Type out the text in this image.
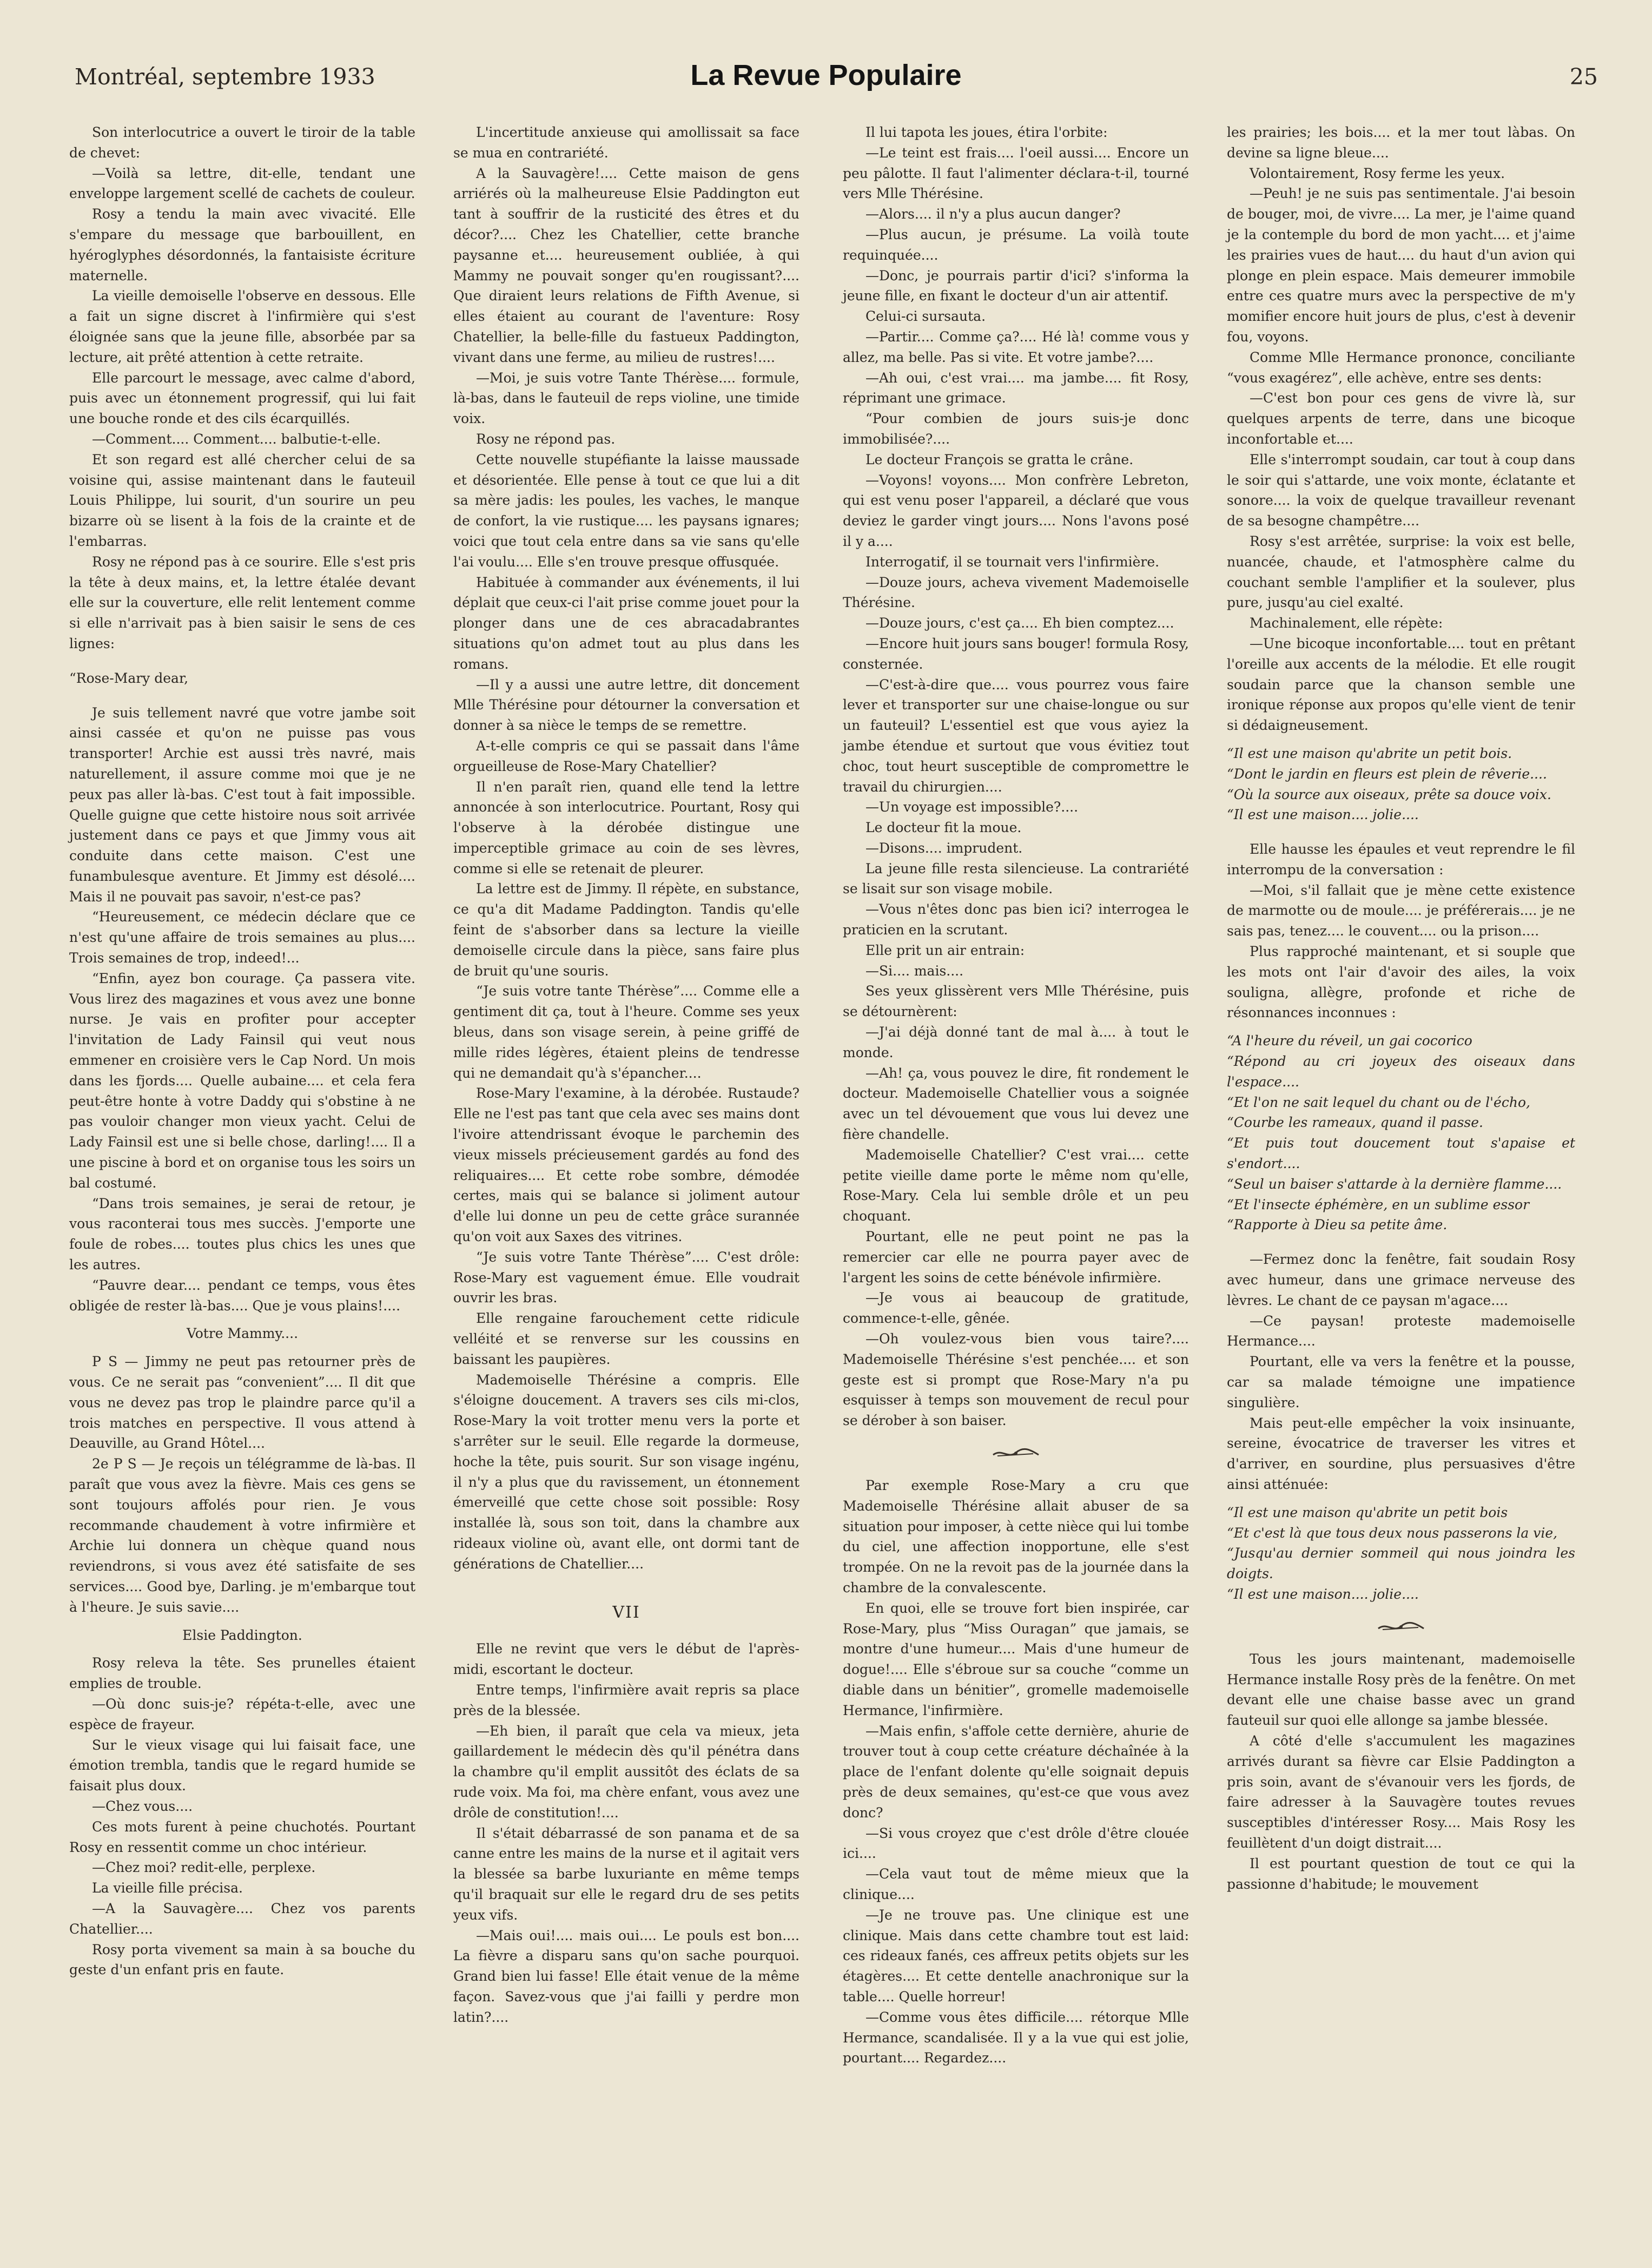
Montréal, septembre 1933	La Revue Populaire	25

Son interlocutrice a ouvert le tiroir de la table de chevet:

—Voilà sa lettre, dit-elle, tendant une enveloppe largement scellé de cachets de couleur.

Rosy a tendu la main avec vivacité. Elle s'empare du message que barbouillent, en hyéroglyphes désordonnés, la fantaisiste écriture maternelle.

La vieille demoiselle l'observe en dessous. Elle a fait un signe discret à l'infirmière qui s'est éloignée sans que la jeune fille, absorbée par sa lecture, ait prêté attention à cette retraite.

Elle parcourt le message, avec calme d'abord, puis avec un étonnement progressif, qui lui fait une bouche ronde et des cils écarquillés.

—Comment.... Comment.... balbutie-t-elle.

Et son regard est allé chercher celui de sa voisine qui, assise maintenant dans le fauteuil Louis Philippe, lui sourit, d'un sourire un peu bizarre où se lisent à la fois de la crainte et de l'embarras.

Rosy ne répond pas à ce sourire. Elle s'est pris la tête à deux mains, et, la lettre étalée devant elle sur la couverture, elle relit lentement comme si elle n'arrivait pas à bien saisir le sens de ces lignes:

“Rose-Mary dear,

Je suis tellement navré que votre jambe soit ainsi cassée et qu'on ne puisse pas vous transporter! Archie est aussi très navré, mais naturellement, il assure comme moi que je ne peux pas aller là-bas. C'est tout à fait impossible. Quelle guigne que cette histoire nous soit arrivée justement dans ce pays et que Jimmy vous ait conduite dans cette maison. C'est une funambulesque aventure. Et Jimmy est désolé.... Mais il ne pouvait pas savoir, n'est-ce pas?

“Heureusement, ce médecin déclare que ce n'est qu'une affaire de trois semaines au plus.... Trois semaines de trop, indeed!...

“Enfin, ayez bon courage. Ça passera vite. Vous lirez des magazines et vous avez une bonne nurse. Je vais en profiter pour accepter l'invitation de Lady Fainsil qui veut nous emmener en croisière vers le Cap Nord. Un mois dans les fjords.... Quelle aubaine.... et cela fera peut-être honte à votre Daddy qui s'obstine à ne pas vouloir changer mon vieux yacht. Celui de Lady Fainsil est une si belle chose, darling!.... Il a une piscine à bord et on organise tous les soirs un bal costumé.

“Dans trois semaines, je serai de retour, je vous raconterai tous mes succès. J'emporte une foule de robes.... toutes plus chics les unes que les autres.

“Pauvre dear.... pendant ce temps, vous êtes obligée de rester là-bas.... Que je vous plains!....

Votre Mammy....

P S — Jimmy ne peut pas retourner près de vous. Ce ne serait pas “convenient”.... Il dit que vous ne devez pas trop le plaindre parce qu'il a trois matches en perspective. Il vous attend à Deauville, au Grand Hôtel....

2e P S — Je reçois un télégramme de là-bas. Il paraît que vous avez la fièvre. Mais ces gens se sont toujours affolés pour rien. Je vous recommande chaudement à votre infirmière et Archie lui donnera un chèque quand nous reviendrons, si vous avez été satisfaite de ses services.... Good bye, Darling. je m'embarque tout à l'heure. Je suis savie....

Elsie Paddington.

Rosy releva la tête. Ses prunelles étaient emplies de trouble.

—Où donc suis-je? répéta-t-elle, avec une espèce de frayeur.

Sur le vieux visage qui lui faisait face, une émotion trembla, tandis que le regard humide se faisait plus doux.

—Chez vous....

Ces mots furent à peine chuchotés. Pourtant Rosy en ressentit comme un choc intérieur.

—Chez moi? redit-elle, perplexe.

La vieille fille précisa.

—A la Sauvagère.... Chez vos parents Chatellier....

Rosy porta vivement sa main à sa bouche du geste d'un enfant pris en faute.

L'incertitude anxieuse qui amollissait sa face se mua en contrariété.

A la Sauvagère!.... Cette maison de gens arriérés où la malheureuse Elsie Paddington eut tant à souffrir de la rusticité des êtres et du décor?.... Chez les Chatellier, cette branche paysanne et.... heureusement oubliée, à qui Mammy ne pouvait songer qu'en rougissant?.... Que diraient leurs relations de Fifth Avenue, si elles étaient au courant de l'aventure: Rosy Chatellier, la belle-fille du fastueux Paddington, vivant dans une ferme, au milieu de rustres!....

—Moi, je suis votre Tante Thérèse.... formule, là-bas, dans le fauteuil de reps violine, une timide voix.

Rosy ne répond pas.

Cette nouvelle stupéfiante la laisse maussade et désorientée. Elle pense à tout ce que lui a dit sa mère jadis: les poules, les vaches, le manque de confort, la vie rustique.... les paysans ignares; voici que tout cela entre dans sa vie sans qu'elle l'ai voulu.... Elle s'en trouve presque offusquée.

Habituée à commander aux événements, il lui déplait que ceux-ci l'ait prise comme jouet pour la plonger dans une de ces abracadabrantes situations qu'on admet tout au plus dans les romans.

—Il y a aussi une autre lettre, dit doncement Mlle Thérésine pour détourner la conversation et donner à sa nièce le temps de se remettre.

A-t-elle compris ce qui se passait dans l'âme orgueilleuse de Rose-Mary Chatellier?

Il n'en paraît rien, quand elle tend la lettre annoncée à son interlocutrice. Pourtant, Rosy qui l'observe à la dérobée distingue une imperceptible grimace au coin de ses lèvres, comme si elle se retenait de pleurer.

La lettre est de Jimmy. Il répète, en substance, ce qu'a dit Madame Paddington. Tandis qu'elle feint de s'absorber dans sa lecture la vieille demoiselle circule dans la pièce, sans faire plus de bruit qu'une souris.

“Je suis votre tante Thérèse”.... Comme elle a gentiment dit ça, tout à l'heure. Comme ses yeux bleus, dans son visage serein, à peine griffé de mille rides légères, étaient pleins de tendresse qui ne demandait qu'à s'épancher....

Rose-Mary l'examine, à la dérobée. Rustaude? Elle ne l'est pas tant que cela avec ses mains dont l'ivoire attendrissant évoque le parchemin des vieux missels précieusement gardés au fond des reliquaires.... Et cette robe sombre, démodée certes, mais qui se balance si joliment autour d'elle lui donne un peu de cette grâce surannée qu'on voit aux Saxes des vitrines.

“Je suis votre Tante Thérèse”.... C'est drôle: Rose-Mary est vaguement émue. Elle voudrait ouvrir les bras.

Elle rengaine farouchement cette ridicule velléité et se renverse sur les coussins en baissant les paupières.

Mademoiselle Thérésine a compris. Elle s'éloigne doucement. A travers ses cils mi-clos, Rose-Mary la voit trotter menu vers la porte et s'arrêter sur le seuil. Elle regarde la dormeuse, hoche la tête, puis sourit. Sur son visage ingénu, il n'y a plus que du ravissement, un étonnement émerveillé que cette chose soit possible: Rosy installée là, sous son toit, dans la chambre aux rideaux violine où, avant elle, ont dormi tant de générations de Chatellier....

VII

Elle ne revint que vers le début de l'après-midi, escortant le docteur.

Entre temps, l'infirmière avait repris sa place près de la blessée.

—Eh bien, il paraît que cela va mieux, jeta gaillardement le médecin dès qu'il pénétra dans la chambre qu'il emplit aussitôt des éclats de sa rude voix. Ma foi, ma chère enfant, vous avez une drôle de constitution!....

Il s'était débarrassé de son panama et de sa canne entre les mains de la nurse et il agitait vers la blessée sa barbe luxuriante en même temps qu'il braquait sur elle le regard dru de ses petits yeux vifs.

—Mais oui!.... mais oui.... Le pouls est bon.... La fièvre a disparu sans qu'on sache pourquoi. Grand bien lui fasse! Elle était venue de la même façon. Savez-vous que j'ai failli y perdre mon latin?....

Il lui tapota les joues, étira l'orbite:

—Le teint est frais.... l'oeil aussi.... Encore un peu pâlotte. Il faut l'alimenter déclara-t-il, tourné vers Mlle Thérésine.

—Alors.... il n'y a plus aucun danger?

—Plus aucun, je présume. La voilà toute requinquée....

—Donc, je pourrais partir d'ici? s'informa la jeune fille, en fixant le docteur d'un air attentif.

Celui-ci sursauta.

—Partir.... Comme ça?.... Hé là! comme vous y allez, ma belle. Pas si vite. Et votre jambe?....

—Ah oui, c'est vrai.... ma jambe.... fit Rosy, réprimant une grimace.

“Pour combien de jours suis-je donc immobilisée?....

Le docteur François se gratta le crâne.

—Voyons! voyons.... Mon confrère Lebreton, qui est venu poser l'appareil, a déclaré que vous deviez le garder vingt jours.... Nons l'avons posé il y a....

Interrogatif, il se tournait vers l'infirmière.

—Douze jours, acheva vivement Mademoiselle Thérésine.

—Douze jours, c'est ça.... Eh bien comptez....

—Encore huit jours sans bouger! formula Rosy, consternée.

—C'est-à-dire que.... vous pourrez vous faire lever et transporter sur une chaise-longue ou sur un fauteuil? L'essentiel est que vous ayiez la jambe étendue et surtout que vous évitiez tout choc, tout heurt susceptible de compromettre le travail du chirurgien....

—Un voyage est impossible?....

Le docteur fit la moue.

—Disons.... imprudent.

La jeune fille resta silencieuse. La contrariété se lisait sur son visage mobile.

—Vous n'êtes donc pas bien ici? interrogea le praticien en la scrutant.

Elle prit un air entrain:

—Si.... mais....

Ses yeux glissèrent vers Mlle Thérésine, puis se détournèrent:

—J'ai déjà donné tant de mal à.... à tout le monde.

—Ah! ça, vous pouvez le dire, fit rondement le docteur. Mademoiselle Chatellier vous a soignée avec un tel dévouement que vous lui devez une fière chandelle.

Mademoiselle Chatellier? C'est vrai.... cette petite vieille dame porte le même nom qu'elle, Rose-Mary. Cela lui semble drôle et un peu choquant.

Pourtant, elle ne peut point ne pas la remercier car elle ne pourra payer avec de l'argent les soins de cette bénévole infirmière.

—Je vous ai beaucoup de gratitude, commence-t-elle, gênée.

—Oh voulez-vous bien vous taire?.... Mademoiselle Thérésine s'est penchée.... et son geste est si prompt que Rose-Mary n'a pu esquisser à temps son mouvement de recul pour se dérober à son baiser.

Par exemple Rose-Mary a cru que Mademoiselle Thérésine allait abuser de sa situation pour imposer, à cette nièce qui lui tombe du ciel, une affection inopportune, elle s'est trompée. On ne la revoit pas de la journée dans la chambre de la convalescente.

En quoi, elle se trouve fort bien inspirée, car Rose-Mary, plus “Miss Ouragan” que jamais, se montre d'une humeur.... Mais d'une humeur de dogue!.... Elle s'ébroue sur sa couche “comme un diable dans un bénitier”, gromelle mademoiselle Hermance, l'infirmière.

—Mais enfin, s'affole cette dernière, ahurie de trouver tout à coup cette créature déchaînée à la place de l'enfant dolente qu'elle soignait depuis près de deux semaines, qu'est-ce que vous avez donc?

—Si vous croyez que c'est drôle d'être clouée ici....

—Cela vaut tout de même mieux que la clinique....

—Je ne trouve pas. Une clinique est une clinique. Mais dans cette chambre tout est laid: ces rideaux fanés, ces affreux petits objets sur les étagères.... Et cette dentelle anachronique sur la table.... Quelle horreur!

—Comme vous êtes difficile.... rétorque Mlle Hermance, scandalisée. Il y a la vue qui est jolie, pourtant.... Regardez....

les prairies; les bois.... et la mer tout làbas. On devine sa ligne bleue....

Volontairement, Rosy ferme les yeux.

—Peuh! je ne suis pas sentimentale. J'ai besoin de bouger, moi, de vivre.... La mer, je l'aime quand je la contemple du bord de mon yacht.... et j'aime les prairies vues de haut.... du haut d'un avion qui plonge en plein espace. Mais demeurer immobile entre ces quatre murs avec la perspective de m'y momifier encore huit jours de plus, c'est à devenir fou, voyons.

Comme Mlle Hermance prononce, conciliante “vous exagérez”, elle achève, entre ses dents:

—C'est bon pour ces gens de vivre là, sur quelques arpents de terre, dans une bicoque inconfortable et....

Elle s'interrompt soudain, car tout à coup dans le soir qui s'attarde, une voix monte, éclatante et sonore.... la voix de quelque travailleur revenant de sa besogne champêtre....

Rosy s'est arrêtée, surprise: la voix est belle, nuancée, chaude, et l'atmosphère calme du couchant semble l'amplifier et la soulever, plus pure, jusqu'au ciel exalté.

Machinalement, elle répète:

—Une bicoque inconfortable.... tout en prêtant l'oreille aux accents de la mélodie. Et elle rougit soudain parce que la chanson semble une ironique réponse aux propos qu'elle vient de tenir si dédaigneusement.

“Il est une maison qu'abrite un petit bois.

“Dont le jardin en fleurs est plein de rêverie....

“Où la source aux oiseaux, prête sa douce voix.

“Il est une maison.... jolie....

Elle hausse les épaules et veut reprendre le fil interrompu de la conversation :

—Moi, s'il fallait que je mène cette existence de marmotte ou de moule.... je préférerais.... je ne sais pas, tenez.... le couvent.... ou la prison....

Plus rapproché maintenant, et si souple que les mots ont l'air d'avoir des ailes, la voix souligna, allègre, profonde et riche de résonnances inconnues :

“A l'heure du réveil, un gai cocorico

“Répond au cri joyeux des oiseaux dans l'espace....

“Et l'on ne sait lequel du chant ou de l'écho,

“Courbe les rameaux, quand il passe.

“Et puis tout doucement tout s'apaise et s'endort....

“Seul un baiser s'attarde à la dernière flamme....

“Et l'insecte éphémère, en un sublime essor

“Rapporte à Dieu sa petite âme.

—Fermez donc la fenêtre, fait soudain Rosy avec humeur, dans une grimace nerveuse des lèvres. Le chant de ce paysan m'agace....

—Ce paysan! proteste mademoiselle Hermance....

Pourtant, elle va vers la fenêtre et la pousse, car sa malade témoigne une impatience singulière.

Mais peut-elle empêcher la voix insinuante, sereine, évocatrice de traverser les vitres et d'arriver, en sourdine, plus persuasives d'être ainsi atténuée:

“Il est une maison qu'abrite un petit bois

“Et c'est là que tous deux nous passerons la vie,

“Jusqu'au dernier sommeil qui nous joindra les doigts.

“Il est une maison.... jolie....

Tous les jours maintenant, mademoiselle Hermance installe Rosy près de la fenêtre. On met devant elle une chaise basse avec un grand fauteuil sur quoi elle allonge sa jambe blessée.

A côté d'elle s'accumulent les magazines arrivés durant sa fièvre car Elsie Paddington a pris soin, avant de s'évanouir vers les fjords, de faire adresser à la Sauvagère toutes revues susceptibles d'intéresser Rosy.... Mais Rosy les feuillètent d'un doigt distrait....

Il est pourtant question de tout ce qui la passionne d'habitude; le mouvement
